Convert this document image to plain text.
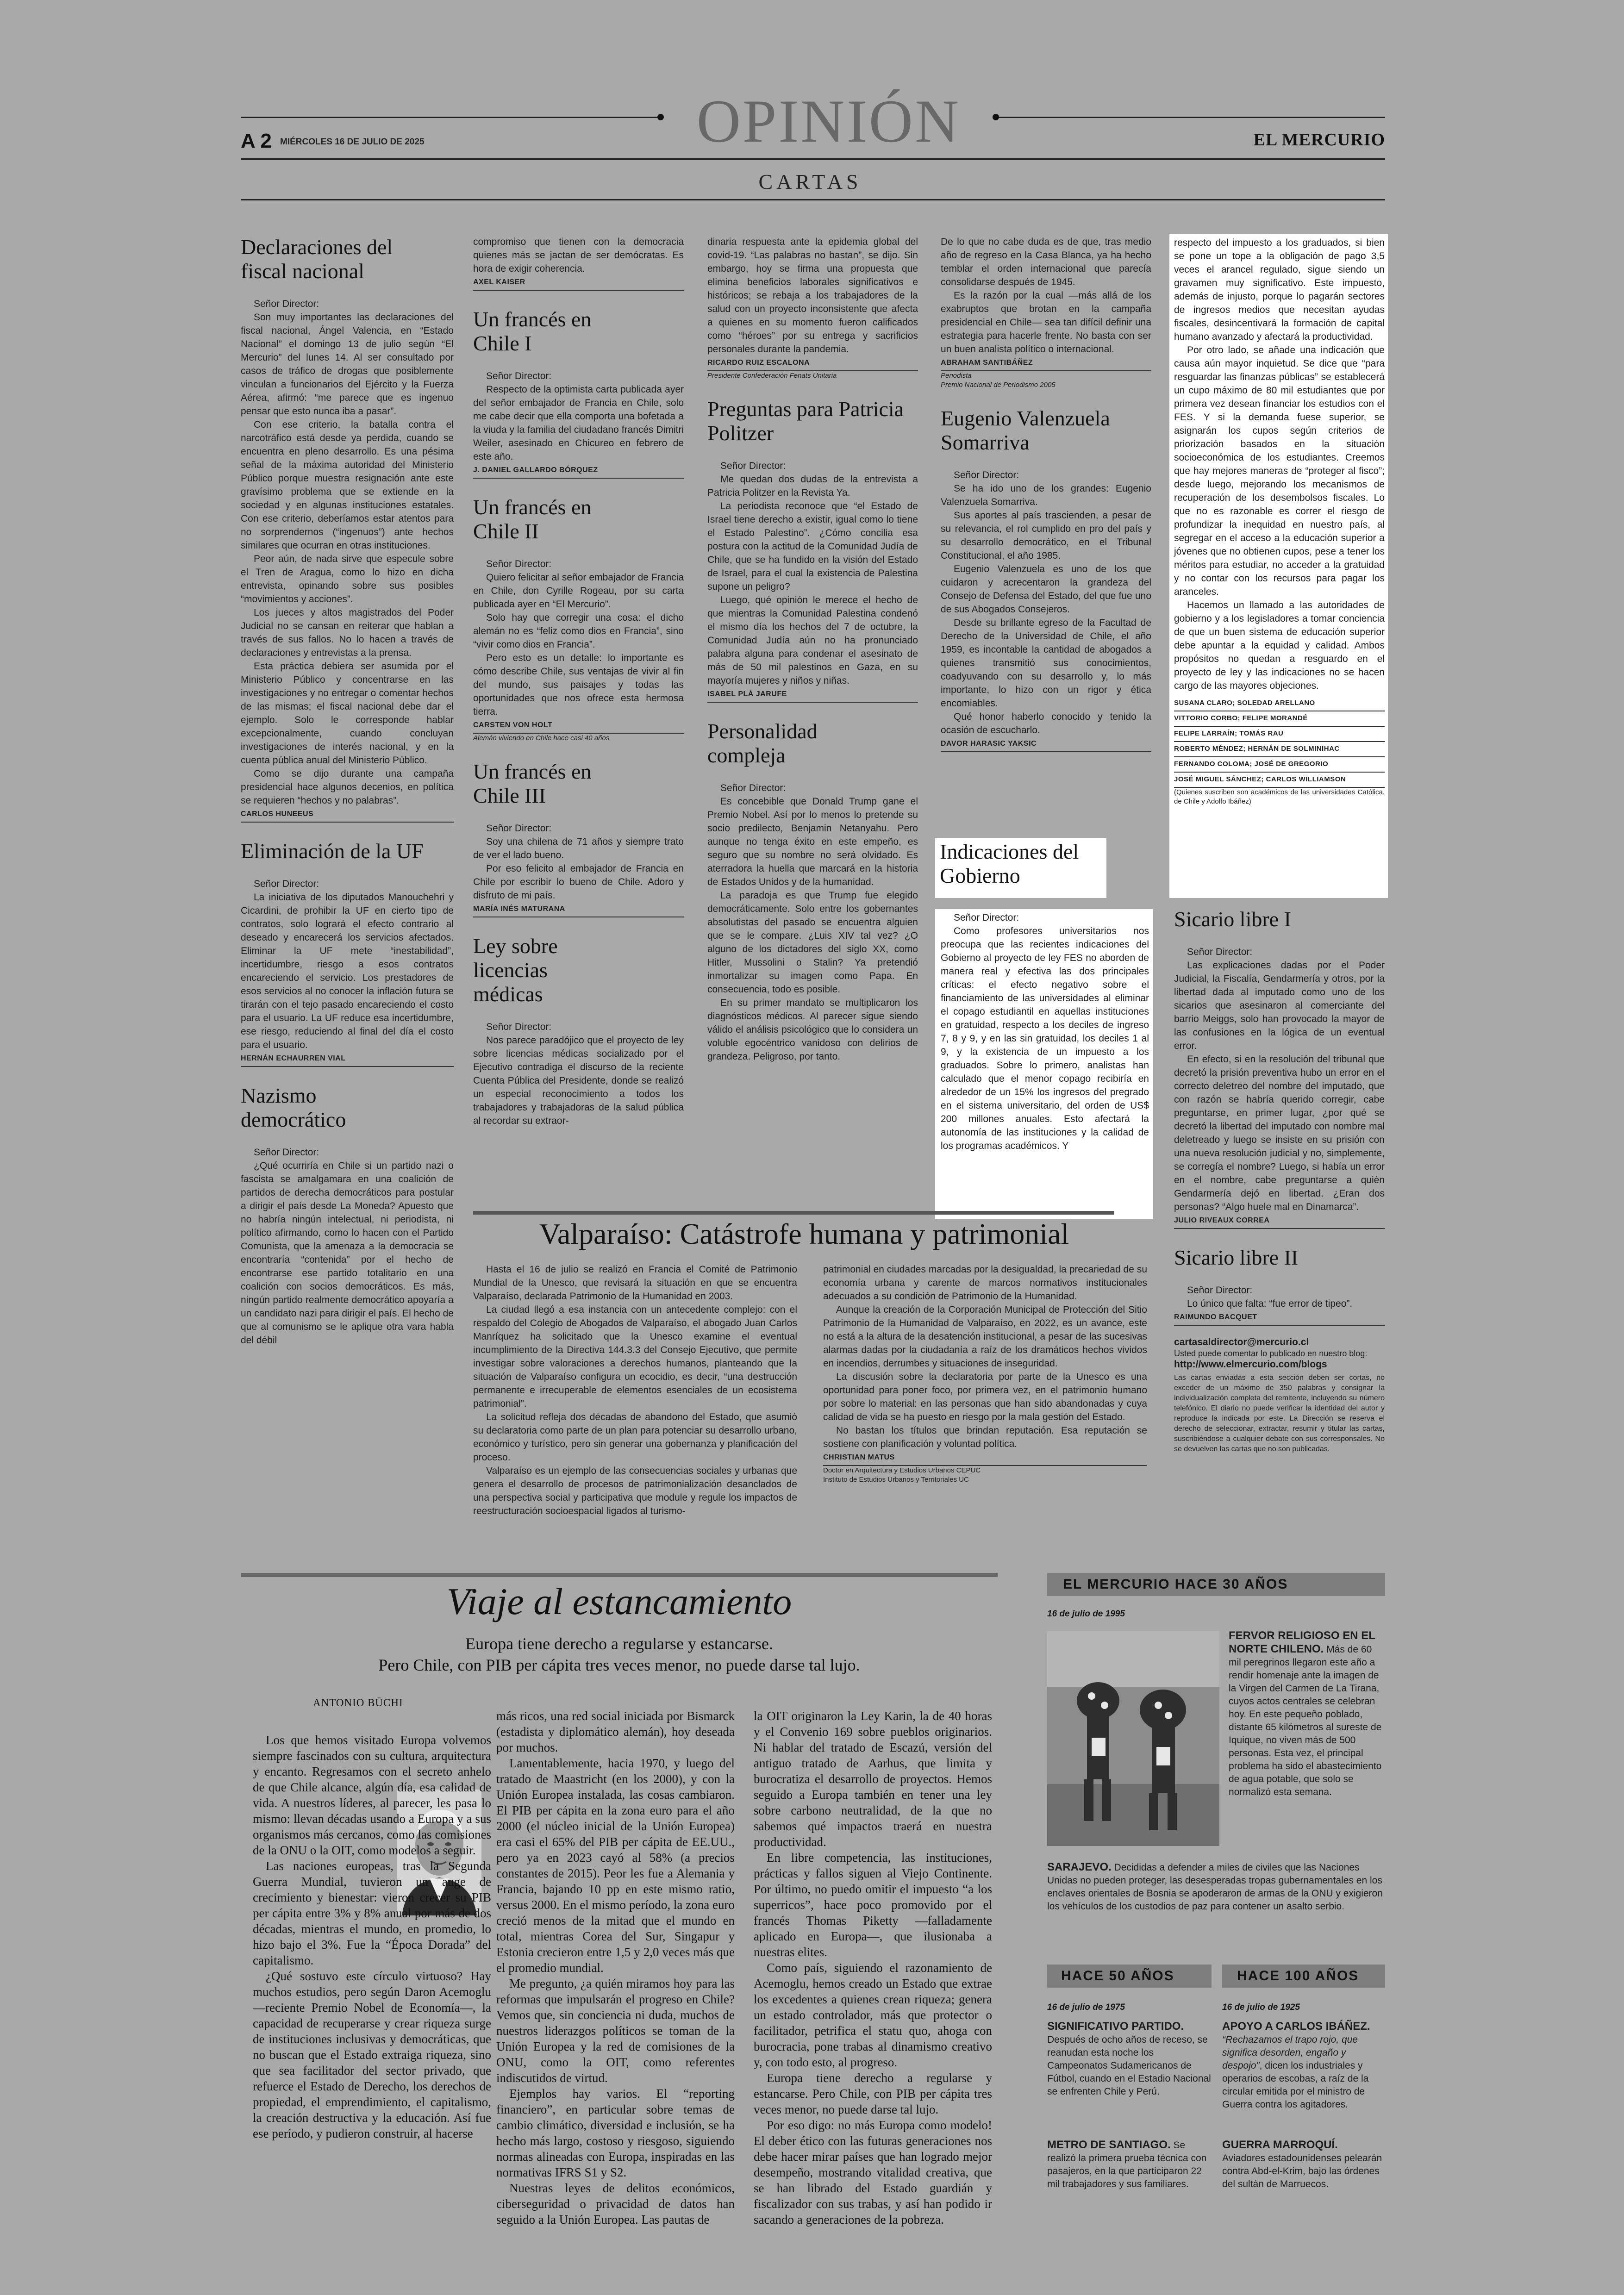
OPINIÓN
A 2 MIÉRCOLES 16 DE JULIO DE 2025	EL MERCURIO
CARTAS
Declaraciones del fiscal nacional

Señor Director:

Son muy importantes las declaraciones del fiscal nacional, Ángel Valencia, en “Estado Nacional” el domingo 13 de julio según “El Mercurio” del lunes 14. Al ser consultado por casos de tráfico de drogas que posiblemente vinculan a funcionarios del Ejército y la Fuerza Aérea, afirmó: “me parece que es ingenuo pensar que esto nunca iba a pasar”.

Con ese criterio, la batalla contra el narcotráfico está desde ya perdida, cuando se encuentra en pleno desarrollo. Es una pésima señal de la máxima autoridad del Ministerio Público porque muestra resignación ante este gravísimo problema que se extiende en la sociedad y en algunas instituciones estatales. Con ese criterio, deberíamos estar atentos para no sorprendernos (“ingenuos”) ante hechos similares que ocurran en otras instituciones.

Peor aún, de nada sirve que especule sobre el Tren de Aragua, como lo hizo en dicha entrevista, opinando sobre sus posibles “movimientos y acciones”.

Los jueces y altos magistrados del Poder Judicial no se cansan en reiterar que hablan a través de sus fallos. No lo hacen a través de declaraciones y entrevistas a la prensa.

Esta práctica debiera ser asumida por el Ministerio Público y concentrarse en las investigaciones y no entregar o comentar hechos de las mismas; el fiscal nacional debe dar el ejemplo. Solo le corresponde hablar excepcionalmente, cuando concluyan investigaciones de interés nacional, y en la cuenta pública anual del Ministerio Público.

Como se dijo durante una campaña presidencial hace algunos decenios, en política se requieren “hechos y no palabras”.

CARLOS HUNEEUS

Eliminación de la UF

Señor Director:

La iniciativa de los diputados Manouchehri y Cicardini, de prohibir la UF en cierto tipo de contratos, solo logrará el efecto contrario al deseado y encarecerá los servicios afectados. Eliminar la UF mete “inestabilidad”, incertidumbre, riesgo a esos contratos encareciendo el servicio. Los prestadores de esos servicios al no conocer la inflación futura se tirarán con el tejo pasado encareciendo el costo para el usuario. La UF reduce esa incertidumbre, ese riesgo, reduciendo al final del día el costo para el usuario.

HERNÁN ECHAURREN VIAL

Nazismo democrático

Señor Director:

¿Qué ocurriría en Chile si un partido nazi o fascista se amalgamara en una coalición de partidos de derecha democráticos para postular a dirigir el país desde La Moneda? Apuesto que no habría ningún intelectual, ni periodista, ni político afirmando, como lo hacen con el Partido Comunista, que la amenaza a la democracia se encontraría “contenida” por el hecho de encontrarse ese partido totalitario en una coalición con socios democráticos. Es más, ningún partido realmente democrático apoyaría a un candidato nazi para dirigir el país. El hecho de que al comunismo se le aplique otra vara habla del débil

compromiso que tienen con la democracia quienes más se jactan de ser demócratas. Es hora de exigir coherencia.

AXEL KAISER

Un francés en Chile I

Señor Director:

Respecto de la optimista carta publicada ayer del señor embajador de Francia en Chile, solo me cabe decir que ella comporta una bofetada a la viuda y la familia del ciudadano francés Dimitri Weiler, asesinado en Chicureo en febrero de este año.

J. DANIEL GALLARDO BÓRQUEZ

Un francés en Chile II

Señor Director:

Quiero felicitar al señor embajador de Francia en Chile, don Cyrille Rogeau, por su carta publicada ayer en “El Mercurio”.

Solo hay que corregir una cosa: el dicho alemán no es “feliz como dios en Francia”, sino “vivir como dios en Francia”.

Pero esto es un detalle: lo importante es cómo describe Chile, sus ventajas de vivir al fin del mundo, sus paisajes y todas las oportunidades que nos ofrece esta hermosa tierra.

CARSTEN VON HOLT

Alemán viviendo en Chile hace casi 40 años

Un francés en Chile III

Señor Director:

Soy una chilena de 71 años y siempre trato de ver el lado bueno.

Por eso felicito al embajador de Francia en Chile por escribir lo bueno de Chile. Adoro y disfruto de mi país.

MARÍA INÉS MATURANA

Ley sobre licencias médicas

Señor Director:

Nos parece paradójico que el proyecto de ley sobre licencias médicas socializado por el Ejecutivo contradiga el discurso de la reciente Cuenta Pública del Presidente, donde se realizó un especial reconocimiento a todos los trabajadores y trabajadoras de la salud pública al recordar su extraor-

dinaria respuesta ante la epidemia global del covid-19. “Las palabras no bastan”, se dijo. Sin embargo, hoy se firma una propuesta que elimina beneficios laborales significativos e históricos; se rebaja a los trabajadores de la salud con un proyecto inconsistente que afecta a quienes en su momento fueron calificados como “héroes” por su entrega y sacrificios personales durante la pandemia.

RICARDO RUIZ ESCALONA

Presidente Confederación Fenats Unitaria

Preguntas para Patricia Politzer

Señor Director:

Me quedan dos dudas de la entrevista a Patricia Politzer en la Revista Ya.

La periodista reconoce que “el Estado de Israel tiene derecho a existir, igual como lo tiene el Estado Palestino”. ¿Cómo concilia esa postura con la actitud de la Comunidad Judía de Chile, que se ha fundido en la visión del Estado de Israel, para el cual la existencia de Palestina supone un peligro?

Luego, qué opinión le merece el hecho de que mientras la Comunidad Palestina condenó el mismo día los hechos del 7 de octubre, la Comunidad Judía aún no ha pronunciado palabra alguna para condenar el asesinato de más de 50 mil palestinos en Gaza, en su mayoría mujeres y niños y niñas.

ISABEL PLÁ JARUFE

Personalidad compleja

Señor Director:

Es concebible que Donald Trump gane el Premio Nobel. Así por lo menos lo pretende su socio predilecto, Benjamin Netanyahu. Pero aunque no tenga éxito en este empeño, es seguro que su nombre no será olvidado. Es aterradora la huella que marcará en la historia de Estados Unidos y de la humanidad.

La paradoja es que Trump fue elegido democráticamente. Solo entre los gobernantes absolutistas del pasado se encuentra alguien que se le compare. ¿Luis XIV tal vez? ¿O alguno de los dictadores del siglo XX, como Hitler, Mussolini o Stalin? Ya pretendió inmortalizar su imagen como Papa. En consecuencia, todo es posible.

En su primer mandato se multiplicaron los diagnósticos médicos. Al parecer sigue siendo válido el análisis psicológico que lo considera un voluble egocéntrico vanidoso con delirios de grandeza. Peligroso, por tanto.

De lo que no cabe duda es de que, tras medio año de regreso en la Casa Blanca, ya ha hecho temblar el orden internacional que parecía consolidarse después de 1945.

Es la razón por la cual —más allá de los exabruptos que brotan en la campaña presidencial en Chile— sea tan difícil definir una estrategia para hacerle frente. No basta con ser un buen analista político o internacional.

ABRAHAM SANTIBÁÑEZ

Periodista
Premio Nacional de Periodismo 2005

Eugenio Valenzuela Somarriva

Señor Director:

Se ha ido uno de los grandes: Eugenio Valenzuela Somarriva.

Sus aportes al país trascienden, a pesar de su relevancia, el rol cumplido en pro del país y su desarrollo democrático, en el Tribunal Constitucional, el año 1985.

Eugenio Valenzuela es uno de los que cuidaron y acrecentaron la grandeza del Consejo de Defensa del Estado, del que fue uno de sus Abogados Consejeros.

Desde su brillante egreso de la Facultad de Derecho de la Universidad de Chile, el año 1959, es incontable la cantidad de abogados a quienes transmitió sus conocimientos, coadyuvando con su desarrollo y, lo más importante, lo hizo con un rigor y ética encomiables.

Qué honor haberlo conocido y tenido la ocasión de escucharlo.

DAVOR HARASIC YAKSIC

Indicaciones del Gobierno

Señor Director:

Como profesores universitarios nos preocupa que las recientes indicaciones del Gobierno al proyecto de ley FES no aborden de manera real y efectiva las dos principales críticas: el efecto negativo sobre el financiamiento de las universidades al eliminar el copago estudiantil en aquellas instituciones en gratuidad, respecto a los deciles de ingreso 7, 8 y 9, y en las sin gratuidad, los deciles 1 al 9, y la existencia de un impuesto a los graduados. Sobre lo primero, analistas han calculado que el menor copago recibiría en alrededor de un 15% los ingresos del pregrado en el sistema universitario, del orden de US$ 200 millones anuales. Esto afectará la autonomía de las instituciones y la calidad de los programas académicos. Y

respecto del impuesto a los graduados, si bien se pone un tope a la obligación de pago 3,5 veces el arancel regulado, sigue siendo un gravamen muy significativo. Este impuesto, además de injusto, porque lo pagarán sectores de ingresos medios que necesitan ayudas fiscales, desincentivará la formación de capital humano avanzado y afectará la productividad.

Por otro lado, se añade una indicación que causa aún mayor inquietud. Se dice que “para resguardar las finanzas públicas” se establecerá un cupo máximo de 80 mil estudiantes que por primera vez desean financiar los estudios con el FES. Y si la demanda fuese superior, se asignarán los cupos según criterios de priorización basados en la situación socioeconómica de los estudiantes. Creemos que hay mejores maneras de “proteger al fisco”; desde luego, mejorando los mecanismos de recuperación de los desembolsos fiscales. Lo que no es razonable es correr el riesgo de profundizar la inequidad en nuestro país, al segregar en el acceso a la educación superior a jóvenes que no obtienen cupos, pese a tener los méritos para estudiar, no acceder a la gratuidad y no contar con los recursos para pagar los aranceles.

Hacemos un llamado a las autoridades de gobierno y a los legisladores a tomar conciencia de que un buen sistema de educación superior debe apuntar a la equidad y calidad. Ambos propósitos no quedan a resguardo en el proyecto de ley y las indicaciones no se hacen cargo de las mayores objeciones.

SUSANA CLARO; SOLEDAD ARELLANO

VITTORIO CORBO; FELIPE MORANDÉ

FELIPE LARRAÍN; TOMÁS RAU

ROBERTO MÉNDEZ; HERNÁN DE SOLMINIHAC

FERNANDO COLOMA; JOSÉ DE GREGORIO

JOSÉ MIGUEL SÁNCHEZ; CARLOS WILLIAMSON

(Quienes suscriben son académicos de las universidades Católica, de Chile y Adolfo Ibáñez)

Sicario libre I

Señor Director:

Las explicaciones dadas por el Poder Judicial, la Fiscalía, Gendarmería y otros, por la libertad dada al imputado como uno de los sicarios que asesinaron al comerciante del barrio Meiggs, solo han provocado la mayor de las confusiones en la lógica de un eventual error.

En efecto, si en la resolución del tribunal que decretó la prisión preventiva hubo un error en el correcto deletreo del nombre del imputado, que con razón se habría querido corregir, cabe preguntarse, en primer lugar, ¿por qué se decretó la libertad del imputado con nombre mal deletreado y luego se insiste en su prisión con una nueva resolución judicial y no, simplemente, se corregía el nombre? Luego, si había un error en el nombre, cabe preguntarse a quién Gendarmería dejó en libertad. ¿Eran dos personas? “Algo huele mal en Dinamarca”.

JULIO RIVEAUX CORREA

Sicario libre II

Señor Director:

Lo único que falta: “fue error de tipeo”.

RAIMUNDO BACQUET

cartasaldirector@mercurio.cl
Usted puede comentar lo publicado en nuestro blog:
http://www.elmercurio.com/blogs
Las cartas enviadas a esta sección deben ser cortas, no exceder de un máximo de 350 palabras y consignar la individualización completa del remitente, incluyendo su número telefónico. El diario no puede verificar la identidad del autor y reproduce la indicada por este. La Dirección se reserva el derecho de seleccionar, extractar, resumir y titular las cartas, suscribiéndose a cualquier debate con sus corresponsales. No se devuelven las cartas que no son publicadas.
Valparaíso: Catástrofe humana y patrimonial

Hasta el 16 de julio se realizó en Francia el Comité de Patrimonio Mundial de la Unesco, que revisará la situación en que se encuentra Valparaíso, declarada Patrimonio de la Humanidad en 2003.

La ciudad llegó a esa instancia con un antecedente complejo: con el respaldo del Colegio de Abogados de Valparaíso, el abogado Juan Carlos Manríquez ha solicitado que la Unesco examine el eventual incumplimiento de la Directiva 144.3.3 del Consejo Ejecutivo, que permite investigar sobre valoraciones a derechos humanos, planteando que la situación de Valparaíso configura un ecocidio, es decir, “una destrucción permanente e irrecuperable de elementos esenciales de un ecosistema patrimonial”.

La solicitud refleja dos décadas de abandono del Estado, que asumió su declaratoria como parte de un plan para potenciar su desarrollo urbano, económico y turístico, pero sin generar una gobernanza y planificación del proceso.

Valparaíso es un ejemplo de las consecuencias sociales y urbanas que genera el desarrollo de procesos de patrimonialización desanclados de una perspectiva social y participativa que module y regule los impactos de reestructuración socioespacial ligados al turismo-

patrimonial en ciudades marcadas por la desigualdad, la precariedad de su economía urbana y carente de marcos normativos institucionales adecuados a su condición de Patrimonio de la Humanidad.

Aunque la creación de la Corporación Municipal de Protección del Sitio Patrimonio de la Humanidad de Valparaíso, en 2022, es un avance, este no está a la altura de la desatención institucional, a pesar de las sucesivas alarmas dadas por la ciudadanía a raíz de los dramáticos hechos vividos en incendios, derrumbes y situaciones de inseguridad.

La discusión sobre la declaratoria por parte de la Unesco es una oportunidad para poner foco, por primera vez, en el patrimonio humano por sobre lo material: en las personas que han sido abandonadas y cuya calidad de vida se ha puesto en riesgo por la mala gestión del Estado.

No bastan los títulos que brindan reputación. Esa reputación se sostiene con planificación y voluntad política.

CHRISTIAN MATUS

Doctor en Arquitectura y Estudios Urbanos CEPUC
Instituto de Estudios Urbanos y Territoriales UC

Viaje al estancamiento
Europa tiene derecho a regularse y estancarse.
Pero Chile, con PIB per cápita tres veces menor, no puede darse tal lujo.
ANTONIO BÜCHI

Los que hemos visitado Europa volvemos siempre fascinados con su cultura, arquitectura y encanto. Regresamos con el secreto anhelo de que Chile alcance, algún día, esa calidad de vida. A nuestros líderes, al parecer, les pasa lo mismo: llevan décadas usando a Europa y a sus organismos más cercanos, como las comisiones de la ONU o la OIT, como modelos a seguir.

Las naciones europeas, tras la Segunda Guerra Mundial, tuvieron un auge de crecimiento y bienestar: vieron crecer su PIB per cápita entre 3% y 8% anual por más de dos décadas, mientras el mundo, en promedio, lo hizo bajo el 3%. Fue la “Época Dorada” del capitalismo.

¿Qué sostuvo este círculo virtuoso? Hay muchos estudios, pero según Daron Acemoglu —reciente Premio Nobel de Economía—, la capacidad de recuperarse y crear riqueza surge de instituciones inclusivas y democráticas, que no buscan que el Estado extraiga riqueza, sino que sea facilitador del sector privado, que refuerce el Estado de Derecho, los derechos de propiedad, el emprendimiento, el capitalismo, la creación destructiva y la educación. Así fue ese período, y pudieron construir, al hacerse

más ricos, una red social iniciada por Bismarck (estadista y diplomático alemán), hoy deseada por muchos.

Lamentablemente, hacia 1970, y luego del tratado de Maastricht (en los 2000), y con la Unión Europea instalada, las cosas cambiaron. El PIB per cápita en la zona euro para el año 2000 (el núcleo inicial de la Unión Europea) era casi el 65% del PIB per cápita de EE.UU., pero ya en 2023 cayó al 58% (a precios constantes de 2015). Peor les fue a Alemania y Francia, bajando 10 pp en este mismo ratio, versus 2000. En el mismo período, la zona euro creció menos de la mitad que el mundo en total, mientras Corea del Sur, Singapur y Estonia crecieron entre 1,5 y 2,0 veces más que el promedio mundial.

Me pregunto, ¿a quién miramos hoy para las reformas que impulsarán el progreso en Chile? Vemos que, sin conciencia ni duda, muchos de nuestros liderazgos políticos se toman de la Unión Europea y la red de comisiones de la ONU, como la OIT, como referentes indiscutidos de virtud.

Ejemplos hay varios. El “reporting financiero”, en particular sobre temas de cambio climático, diversidad e inclusión, se ha hecho más largo, costoso y riesgoso, siguiendo normas alineadas con Europa, inspiradas en las normativas IFRS S1 y S2.

Nuestras leyes de delitos económicos, ciberseguridad o privacidad de datos han seguido a la Unión Europea. Las pautas de

la OIT originaron la Ley Karin, la de 40 horas y el Convenio 169 sobre pueblos originarios. Ni hablar del tratado de Escazú, versión del antiguo tratado de Aarhus, que limita y burocratiza el desarrollo de proyectos. Hemos seguido a Europa también en tener una ley sobre carbono neutralidad, de la que no sabemos qué impactos traerá en nuestra productividad.

En libre competencia, las instituciones, prácticas y fallos siguen al Viejo Continente. Por último, no puedo omitir el impuesto “a los superricos”, hace poco promovido por el francés Thomas Piketty —falladamente aplicado en Europa—, que ilusionaba a nuestras elites.

Como país, siguiendo el razonamiento de Acemoglu, hemos creado un Estado que extrae los excedentes a quienes crean riqueza; genera un estado controlador, más que protector o facilitador, petrifica el statu quo, ahoga con burocracia, pone trabas al dinamismo creativo y, con todo esto, al progreso.

Europa tiene derecho a regularse y estancarse. Pero Chile, con PIB per cápita tres veces menor, no puede darse tal lujo.

Por eso digo: no más Europa como modelo! El deber ético con las futuras generaciones nos debe hacer mirar países que han logrado mejor desempeño, mostrando vitalidad creativa, que se han librado del Estado guardián y fiscalizador con sus trabas, y así han podido ir sacando a generaciones de la pobreza.

EL MERCURIO HACE 30 AÑOS
16 de julio de 1995
FERVOR RELIGIOSO EN EL NORTE CHILENO. Más de 60 mil peregrinos llegaron este año a rendir homenaje ante la imagen de la Virgen del Carmen de La Tirana, cuyos actos centrales se celebran hoy. En este pequeño poblado, distante 65 kilómetros al sureste de Iquique, no viven más de 500 personas. Esta vez, el principal problema ha sido el abastecimiento de agua potable, que solo se normalizó esta semana.
SARAJEVO. Decididas a defender a miles de civiles que las Naciones Unidas no pueden proteger, las desesperadas tropas gubernamentales en los enclaves orientales de Bosnia se apoderaron de armas de la ONU y exigieron los vehículos de los custodios de paz para contener un asalto serbio.
HACE 50 AÑOS
16 de julio de 1975
SIGNIFICATIVO PARTIDO.
Después de ocho años de receso, se reanudan esta noche los Campeonatos Sudamericanos de Fútbol, cuando en el Estadio Nacional se enfrenten Chile y Perú.
METRO DE SANTIAGO. Se realizó la primera prueba técnica con pasajeros, en la que participaron 22 mil trabajadores y sus familiares.
HACE 100 AÑOS
16 de julio de 1925
APOYO A CARLOS IBÁÑEZ.
“Rechazamos el trapo rojo, que significa desorden, engaño y despojo”, dicen los industriales y operarios de escobas, a raíz de la circular emitida por el ministro de Guerra contra los agitadores.
GUERRA MARROQUÍ.
Aviadores estadounidenses pelearán contra Abd-el-Krim, bajo las órdenes del sultán de Marruecos.
